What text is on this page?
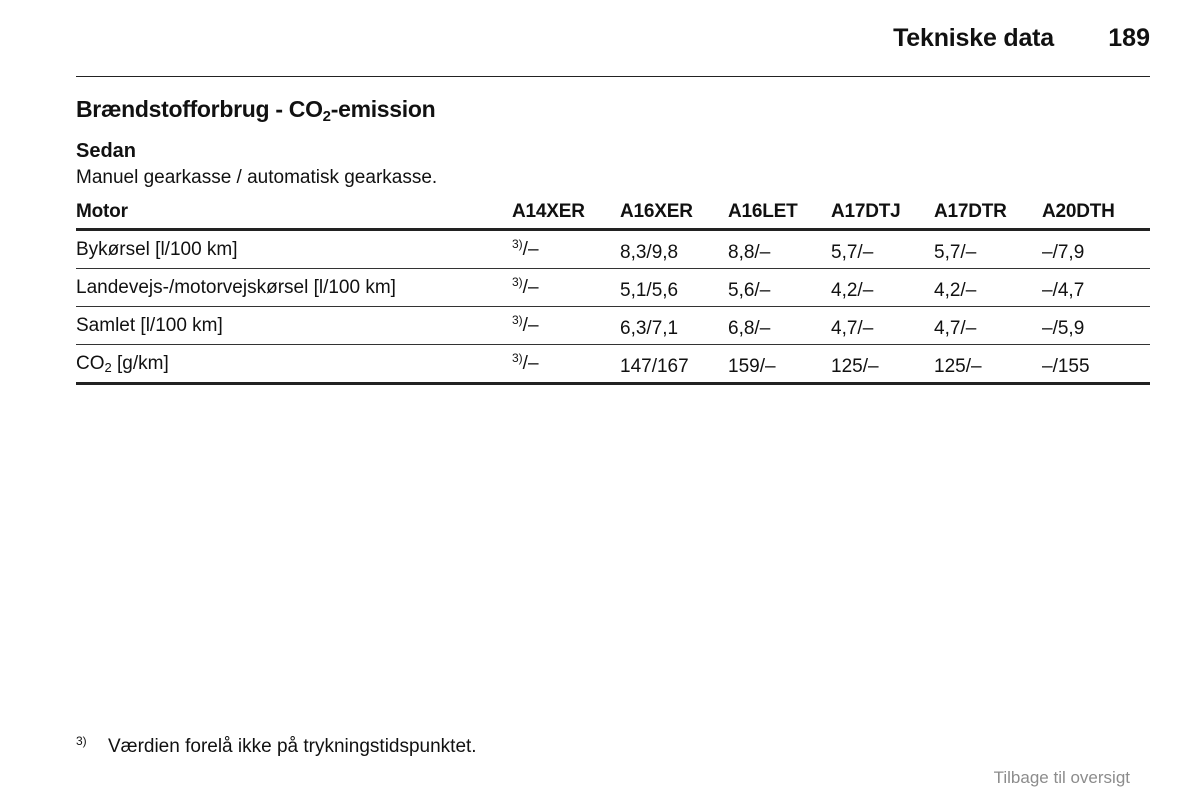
Tekniske data 189
Brændstofforbrug - $CO_2$-emission
Sedan
Manuel gearkasse / automatisk gearkasse.
Motor	A14XER	A16XER	A16LET	A17DTJ	A17DTR	A20DTH
Bykørsel [l/100 km]	$^{3)}$/–	8,3/9,8	8,8/–	5,7/–	5,7/–	–/7,9
Landevejs-/motorvejskørsel [l/100 km]	$^{3)}$/–	5,1/5,6	5,6/–	4,2/–	4,2/–	–/4,7
Samlet [l/100 km]	$^{3)}$/–	6,3/7,1	6,8/–	4,7/–	4,7/–	–/5,9
$CO_2$ [g/km]	$^{3)}$/–	147/167	159/–	125/–	125/–	–/155
3) Værdien forelå ikke på trykningstidspunktet.
Tilbage til oversigt
